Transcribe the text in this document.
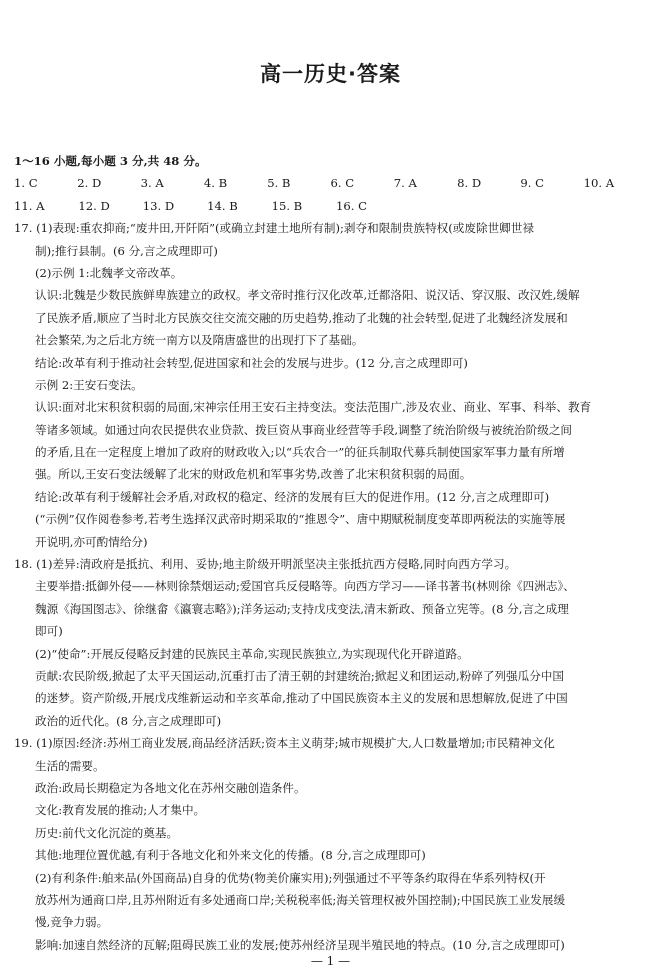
高一历史·答案
1～16 小题,每小题 3 分,共 48 分。
1. C	2. D	3. A	4. B	5. B	6. C	7. A	8. D	9. C	10. A
11. A	12. D	13. D	14. B	15. B	16. C
17. (1)表现:重农抑商;“废井田,开阡陌”(或确立封建土地所有制);剥夺和限制贵族特权(或废除世卿世禄
制);推行县制。(6 分,言之成理即可)
(2)示例 1:北魏孝文帝改革。
认识:北魏是少数民族鲜卑族建立的政权。孝文帝时推行汉化改革,迁都洛阳、说汉话、穿汉服、改汉姓,缓解
了民族矛盾,顺应了当时北方民族交往交流交融的历史趋势,推动了北魏的社会转型,促进了北魏经济发展和
社会繁荣,为之后北方统一南方以及隋唐盛世的出现打下了基础。
结论:改革有利于推动社会转型,促进国家和社会的发展与进步。(12 分,言之成理即可)
示例 2:王安石变法。
认识:面对北宋积贫积弱的局面,宋神宗任用王安石主持变法。变法范围广,涉及农业、商业、军事、科举、教育
等诸多领域。如通过向农民提供农业贷款、拨巨资从事商业经营等手段,调整了统治阶级与被统治阶级之间
的矛盾,且在一定程度上增加了政府的财政收入;以“兵农合一”的征兵制取代募兵制使国家军事力量有所增
强。所以,王安石变法缓解了北宋的财政危机和军事劣势,改善了北宋积贫积弱的局面。
结论:改革有利于缓解社会矛盾,对政权的稳定、经济的发展有巨大的促进作用。(12 分,言之成理即可)
(“示例”仅作阅卷参考,若考生选择汉武帝时期采取的“推恩令”、唐中期赋税制度变革即两税法的实施等展
开说明,亦可酌情给分)
18. (1)差异:清政府是抵抗、利用、妥协;地主阶级开明派坚决主张抵抗西方侵略,同时向西方学习。
主要举措:抵御外侵——林则徐禁烟运动;爱国官兵反侵略等。向西方学习——译书著书(林则徐《四洲志》、
魏源《海国图志》、徐继畲《瀛寰志略》);洋务运动;支持戊戌变法,清末新政、预备立宪等。(8 分,言之成理
即可)
(2)“使命”:开展反侵略反封建的民族民主革命,实现民族独立,为实现现代化开辟道路。
贡献:农民阶级,掀起了太平天国运动,沉重打击了清王朝的封建统治;掀起义和团运动,粉碎了列强瓜分中国
的迷梦。资产阶级,开展戊戌维新运动和辛亥革命,推动了中国民族资本主义的发展和思想解放,促进了中国
政治的近代化。(8 分,言之成理即可)
19. (1)原因:经济:苏州工商业发展,商品经济活跃;资本主义萌芽;城市规模扩大,人口数量增加;市民精神文化
生活的需要。
政治:政局长期稳定为各地文化在苏州交融创造条件。
文化:教育发展的推动;人才集中。
历史:前代文化沉淀的奠基。
其他:地理位置优越,有利于各地文化和外来文化的传播。(8 分,言之成理即可)
(2)有利条件:舶来品(外国商品)自身的优势(物美价廉实用);列强通过不平等条约取得在华系列特权(开
放苏州为通商口岸,且苏州附近有多处通商口岸;关税税率低;海关管理权被外国控制);中国民族工业发展缓
慢,竞争力弱。
影响:加速自然经济的瓦解;阻碍民族工业的发展;使苏州经济呈现半殖民地的特点。(10 分,言之成理即可)
— 1 —
